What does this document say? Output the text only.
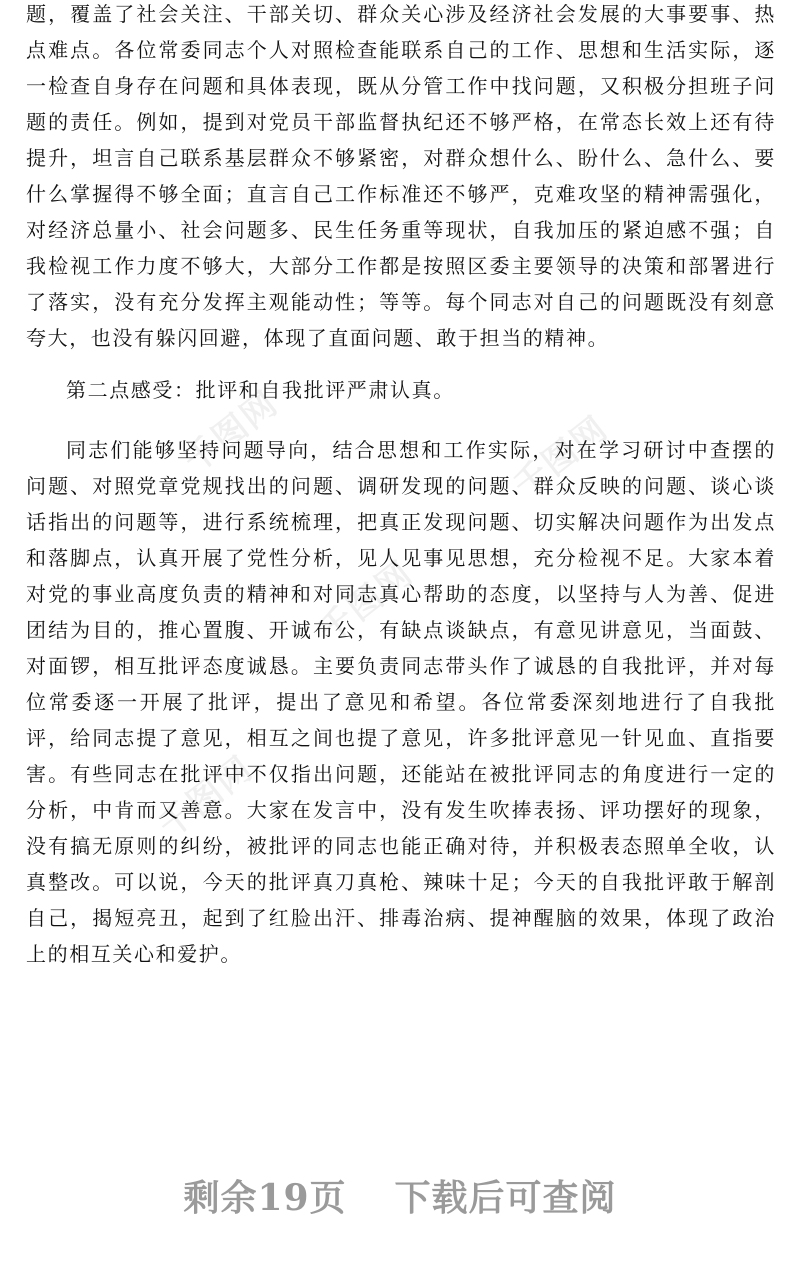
千图网	千图网
千图网
千图网

题，覆盖了社会关注、干部关切、群众关心涉及经济社会发展的大事要事、热点难点。各位常委同志个人对照检查能联系自己的工作、思想和生活实际，逐一检查自身存在问题和具体表现，既从分管工作中找问题，又积极分担班子问题的责任。例如，提到对党员干部监督执纪还不够严格，在常态长效上还有待提升，坦言自己联系基层群众不够紧密，对群众想什么、盼什么、急什么、要什么掌握得不够全面；直言自己工作标准还不够严，克难攻坚的精神需强化，对经济总量小、社会问题多、民生任务重等现状，自我加压的紧迫感不强；自我检视工作力度不够大，大部分工作都是按照区委主要领导的决策和部署进行了落实，没有充分发挥主观能动性；等等。每个同志对自己的问题既没有刻意夸大，也没有躲闪回避，体现了直面问题、敢于担当的精神。

第二点感受：批评和自我批评严肃认真。

同志们能够坚持问题导向，结合思想和工作实际，对在学习研讨中查摆的问题、对照党章党规找出的问题、调研发现的问题、群众反映的问题、谈心谈话指出的问题等，进行系统梳理，把真正发现问题、切实解决问题作为出发点和落脚点，认真开展了党性分析，见人见事见思想，充分检视不足。大家本着对党的事业高度负责的精神和对同志真心帮助的态度，以坚持与人为善、促进团结为目的，推心置腹、开诚布公，有缺点谈缺点，有意见讲意见，当面鼓、对面锣，相互批评态度诚恳。主要负责同志带头作了诚恳的自我批评，并对每位常委逐一开展了批评，提出了意见和希望。各位常委深刻地进行了自我批评，给同志提了意见，相互之间也提了意见，许多批评意见一针见血、直指要害。有些同志在批评中不仅指出问题，还能站在被批评同志的角度进行一定的分析，中肯而又善意。大家在发言中，没有发生吹捧表扬、评功摆好的现象，没有搞无原则的纠纷，被批评的同志也能正确对待，并积极表态照单全收，认真整改。可以说，今天的批评真刀真枪、辣味十足；今天的自我批评敢于解剖自己，揭短亮丑，起到了红脸出汗、排毒治病、提神醒脑的效果，体现了政治上的相互关心和爱护。

剩余19页 下载后可查阅
